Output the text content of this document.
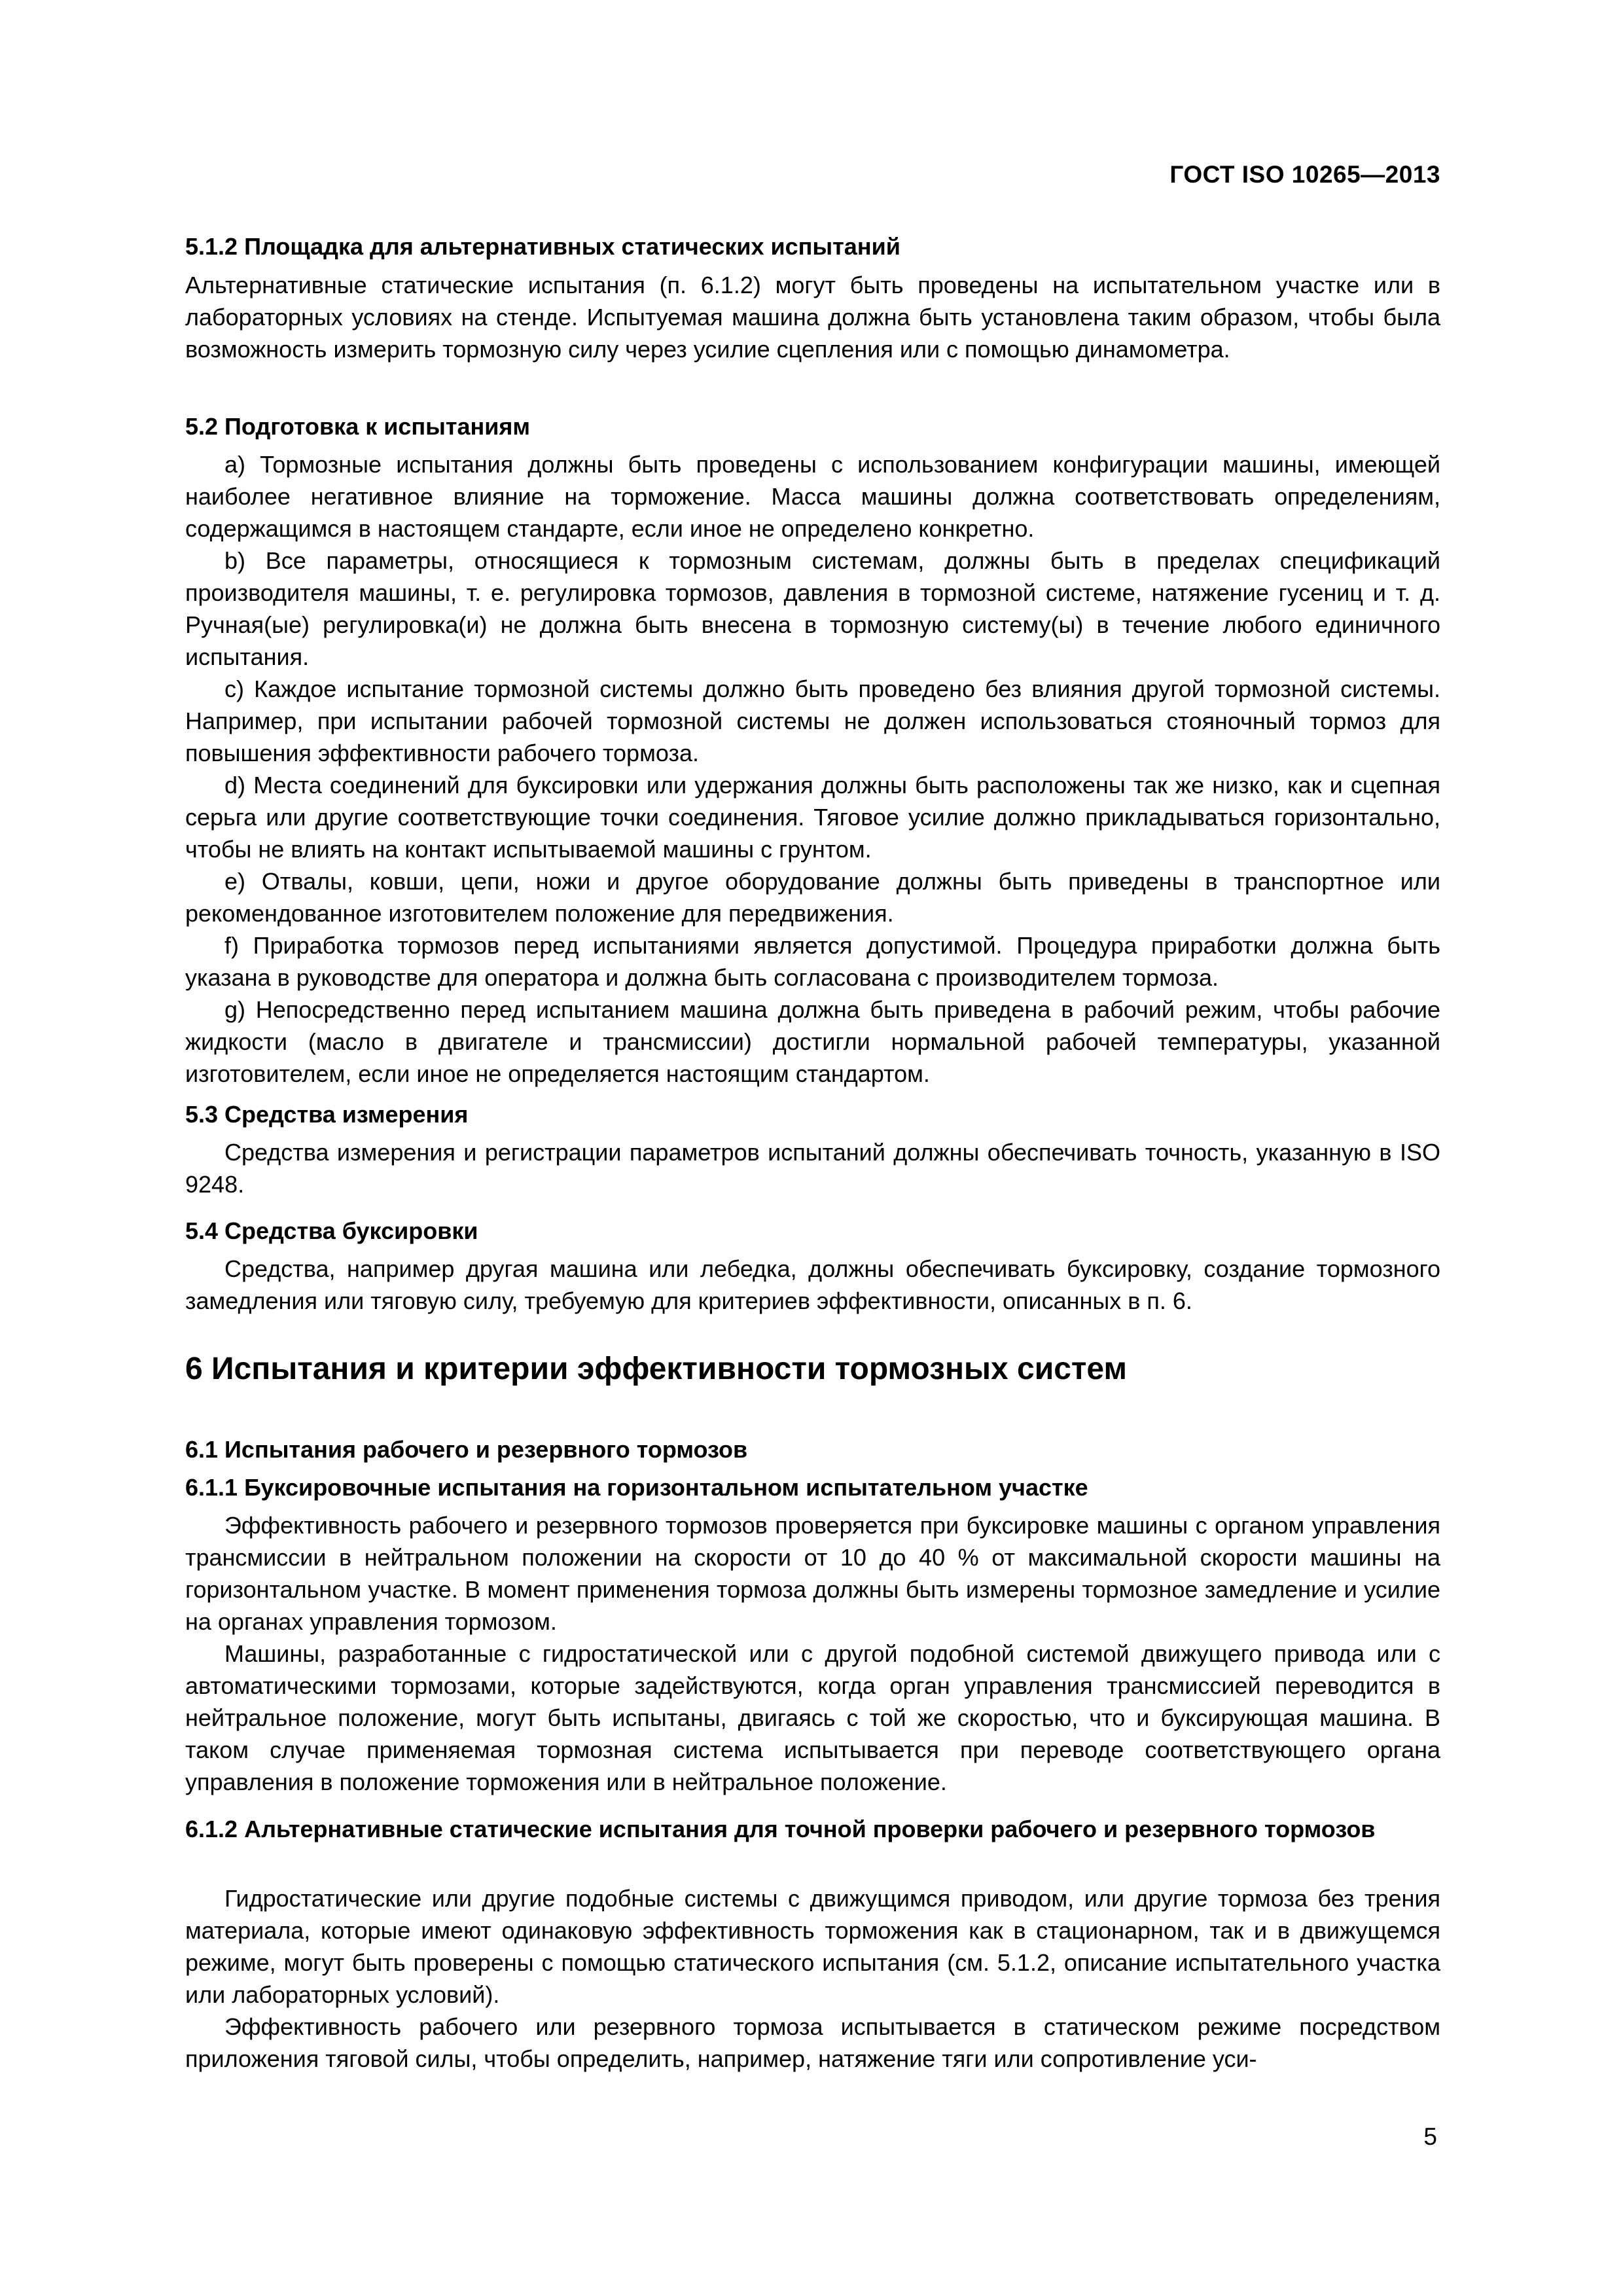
ГОСТ ISO 10265—2013

5.1.2 Площадка для альтернативных статических испытаний

Альтернативные статические испытания (п. 6.1.2) могут быть проведены на испытательном участке или в лабораторных условиях на стенде. Испытуемая машина должна быть установлена таким образом, чтобы была возможность измерить тормозную силу через усилие сцепления или с помощью динамометра.

5.2 Подготовка к испытаниям

a) Тормозные испытания должны быть проведены с использованием конфигурации машины, имеющей наиболее негативное влияние на торможение. Масса машины должна соответствовать определениям, содержащимся в настоящем стандарте, если иное не определено конкретно.

b) Все параметры, относящиеся к тормозным системам, должны быть в пределах спецификаций производителя машины, т. е. регулировка тормозов, давления в тормозной системе, натяжение гусениц и т. д. Ручная(ые) регулировка(и) не должна быть внесена в тормозную систему(ы) в течение любого единичного испытания.

c) Каждое испытание тормозной системы должно быть проведено без влияния другой тормозной системы. Например, при испытании рабочей тормозной системы не должен использоваться стояночный тормоз для повышения эффективности рабочего тормоза.

d) Места соединений для буксировки или удержания должны быть расположены так же низко, как и сцепная серьга или другие соответствующие точки соединения. Тяговое усилие должно прикладываться горизонтально, чтобы не влиять на контакт испытываемой машины с грунтом.

e) Отвалы, ковши, цепи, ножи и другое оборудование должны быть приведены в транспортное или рекомендованное изготовителем положение для передвижения.

f) Приработка тормозов перед испытаниями является допустимой. Процедура приработки должна быть указана в руководстве для оператора и должна быть согласована с производителем тормоза.

g) Непосредственно перед испытанием машина должна быть приведена в рабочий режим, чтобы рабочие жидкости (масло в двигателе и трансмиссии) достигли нормальной рабочей температуры, указанной изготовителем, если иное не определяется настоящим стандартом.

5.3 Средства измерения

Средства измерения и регистрации параметров испытаний должны обеспечивать точность, указанную в ISO 9248.

5.4 Средства буксировки

Средства, например другая машина или лебедка, должны обеспечивать буксировку, создание тормозного замедления или тяговую силу, требуемую для критериев эффективности, описанных в п. 6.

6 Испытания и критерии эффективности тормозных систем

6.1 Испытания рабочего и резервного тормозов

6.1.1 Буксировочные испытания на горизонтальном испытательном участке

Эффективность рабочего и резервного тормозов проверяется при буксировке машины с органом управления трансмиссии в нейтральном положении на скорости от 10 до 40 % от максимальной скорости машины на горизонтальном участке. В момент применения тормоза должны быть измерены тормозное замедление и усилие на органах управления тормозом.

Машины, разработанные с гидростатической или с другой подобной системой движущего привода или с автоматическими тормозами, которые задействуются, когда орган управления трансмиссией переводится в нейтральное положение, могут быть испытаны, двигаясь с той же скоростью, что и буксирующая машина. В таком случае применяемая тормозная система испытывается при переводе соответствующего органа управления в положение торможения или в нейтральное положение.

6.1.2 Альтернативные статические испытания для точной проверки рабочего и резервного тормозов

Гидростатические или другие подобные системы с движущимся приводом, или другие тормоза без трения материала, которые имеют одинаковую эффективность торможения как в стационарном, так и в движущемся режиме, могут быть проверены с помощью статического испытания (см. 5.1.2, описание испытательного участка или лабораторных условий).

Эффективность рабочего или резервного тормоза испытывается в статическом режиме посредством приложения тяговой силы, чтобы определить, например, натяжение тяги или сопротивление уси-

5
